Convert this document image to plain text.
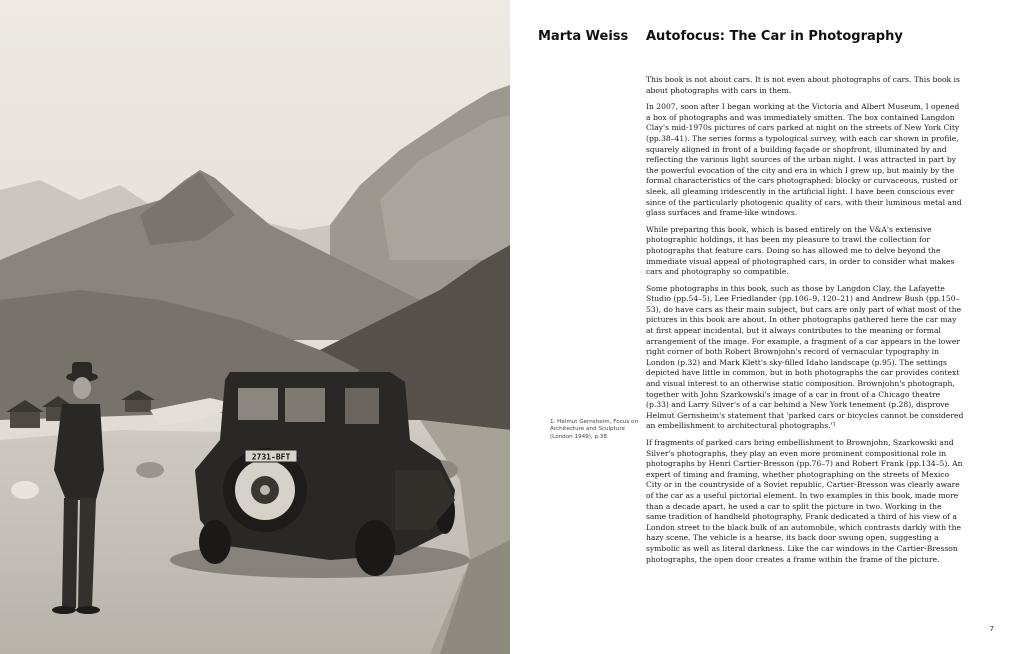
2731-BFT
Marta Weiss Autofocus: The Car in Photography

This book is not about cars. It is not even about photographs of cars. This book is about photographs with cars in them.

In 2007, soon after I began working at the Victoria and Albert Museum, I opened a box of photographs and was immediately smitten. The box contained Langdon Clay's mid-1970s pictures of cars parked at night on the streets of New York City (pp.38–41). The series forms a typological survey, with each car shown in profile, squarely aligned in front of a building façade or shopfront, illuminated by and reflecting the various light sources of the urban night. I was attracted in part by the powerful evocation of the city and era in which I grew up, but mainly by the formal characteristics of the cars photographed: blocky or curvaceous, rusted or sleek, all gleaming iridescently in the artificial light. I have been conscious ever since of the particularly photogenic quality of cars, with their luminous metal and glass surfaces and frame-like windows.

While preparing this book, which is based entirely on the V&A's extensive photographic holdings, it has been my pleasure to trawl the collection for photographs that feature cars. Doing so has allowed me to delve beyond the immediate visual appeal of photographed cars, in order to consider what makes cars and photography so compatible.

Some photographs in this book, such as those by Langdon Clay, the Lafayette Studio (pp.54–5), Lee Friedlander (pp.106–9, 120–21) and Andrew Bush (pp.150–53), do have cars as their main subject, but cars are only part of what most of the pictures in this book are about. In other photographs gathered here the car may at first appear incidental, but it always contributes to the meaning or formal arrangement of the image. For example, a fragment of a car appears in the lower right corner of both Robert Brownjohn's record of vernacular typography in London (p.32) and Mark Klett's sky-filled Idaho landscape (p.95). The settings depicted have little in common, but in both photographs the car provides context and visual interest to an otherwise static composition. Brownjohn's photograph, together with John Szarkowski's image of a car in front of a Chicago theatre (p.33) and Larry Silver's of a car behind a New York tenement (p.28), disprove Helmut Gernsheim's statement that 'parked cars or bicycles cannot be considered an embellishment to architectural photographs.'¹

If fragments of parked cars bring embellishment to Brownjohn, Szarkowski and Silver's photographs, they play an even more prominent compositional role in photographs by Henri Cartier-Bresson (pp.76–7) and Robert Frank (pp.134–5). An expert of timing and framing, whether photographing on the streets of Mexico City or in the countryside of a Soviet republic, Cartier-Bresson was clearly aware of the car as a useful pictorial element. In two examples in this book, made more than a decade apart, he used a car to split the picture in two. Working in the same tradition of handheld photography, Frank dedicated a third of his view of a London street to the black bulk of an automobile, which contrasts darkly with the hazy scene. The vehicle is a hearse, its back door swung open, suggesting a symbolic as well as literal darkness. Like the car windows in the Cartier-Bresson photographs, the open door creates a frame within the frame of the picture.

1. Helmut Gernsheim, Focus on Architecture and Sculpture (London 1949), p.38.
7
